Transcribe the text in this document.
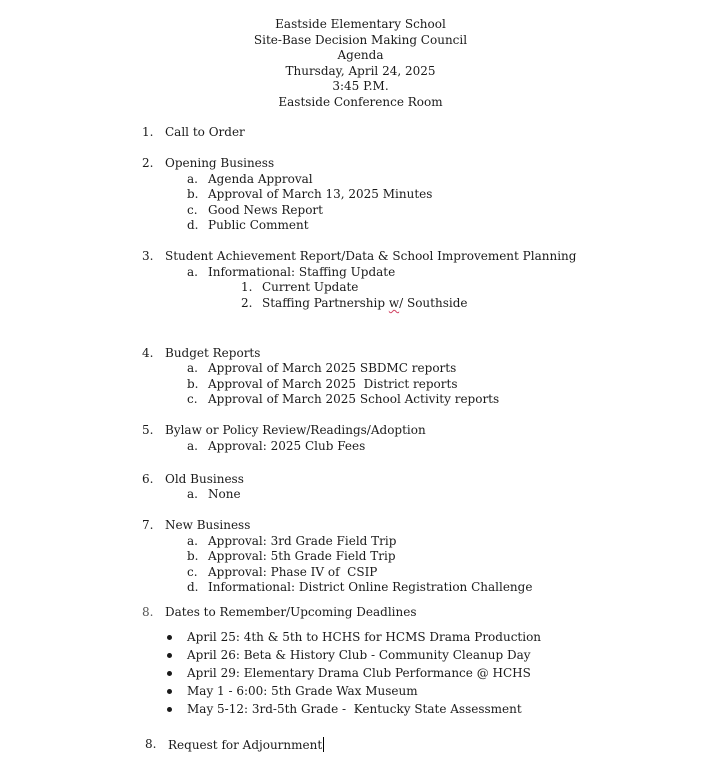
Eastside Elementary School
Site-Base Decision Making Council
Agenda
Thursday, April 24, 2025
3:45 P.M.
Eastside Conference Room
1. Call to Order
2. Opening Business
a. Agenda Approval
b. Approval of March 13, 2025 Minutes
c. Good News Report
d. Public Comment
3. Student Achievement Report/Data & School Improvement Planning
a. Informational: Staffing Update
1. Current Update
2. Staffing Partnership w/ Southside
4. Budget Reports
a. Approval of March 2025 SBDMC reports
b. Approval of March 2025  District reports
c. Approval of March 2025 School Activity reports
5. Bylaw or Policy Review/Readings/Adoption
a. Approval: 2025 Club Fees
6. Old Business
a. None
7. New Business
a. Approval: 3rd Grade Field Trip
b. Approval: 5th Grade Field Trip
c. Approval: Phase IV of  CSIP
d. Informational: District Online Registration Challenge
8. Dates to Remember/Upcoming Deadlines
April 25: 4th & 5th to HCHS for HCMS Drama Production
April 26: Beta & History Club - Community Cleanup Day
April 29: Elementary Drama Club Performance @ HCHS
May 1 - 6:00: 5th Grade Wax Museum
May 5-12: 3rd-5th Grade -  Kentucky State Assessment
8. Request for Adjournment
